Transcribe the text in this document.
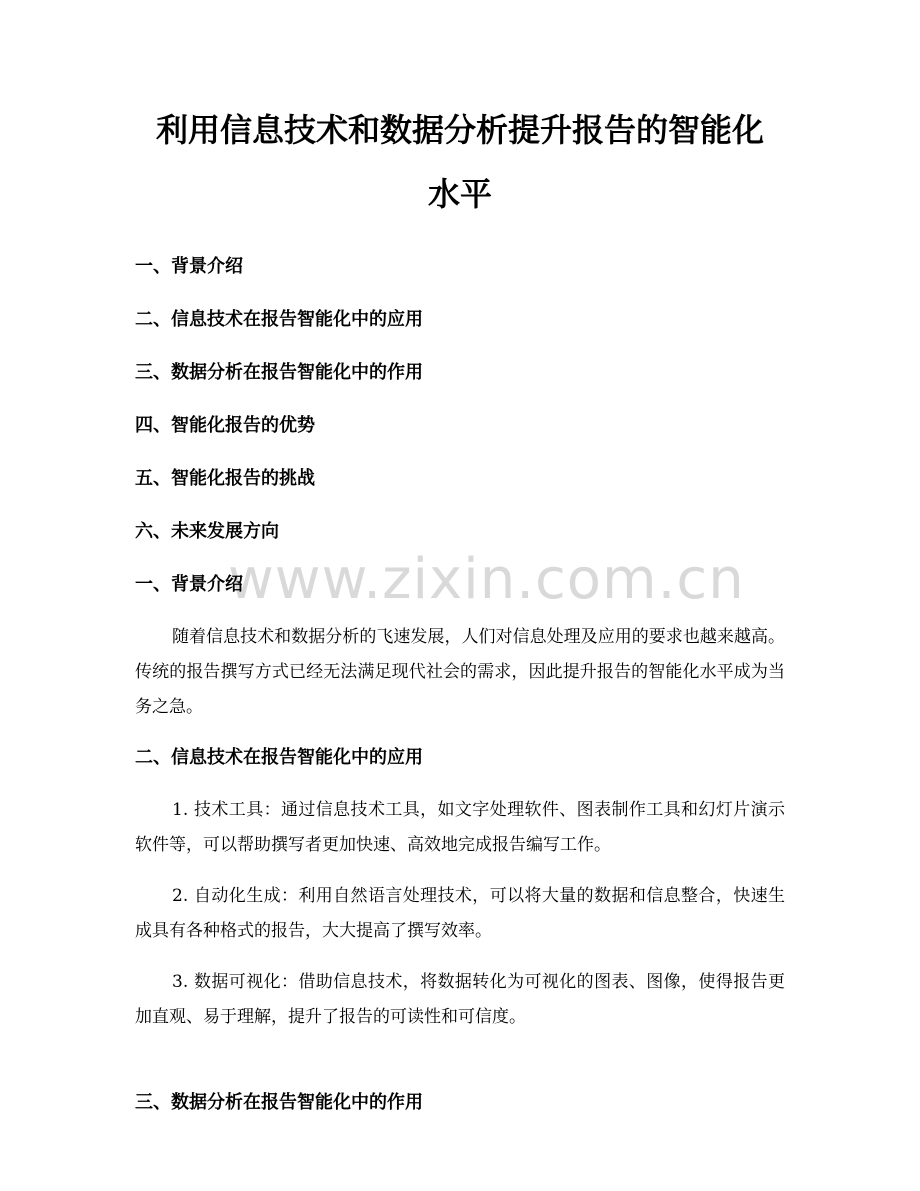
利用信息技术和数据分析提升报告的智能化
水平

一、背景介绍

二、信息技术在报告智能化中的应用

三、数据分析在报告智能化中的作用

四、智能化报告的优势

五、智能化报告的挑战

六、未来发展方向

www.zixin.com.cn

一、背景介绍

随着信息技术和数据分析的飞速发展，人们对信息处理及应用的要求也越来越高。传统的报告撰写方式已经无法满足现代社会的需求，因此提升报告的智能化水平成为当务之急。

二、信息技术在报告智能化中的应用

1. 技术工具：通过信息技术工具，如文字处理软件、图表制作工具和幻灯片演示软件等，可以帮助撰写者更加快速、高效地完成报告编写工作。

2. 自动化生成：利用自然语言处理技术，可以将大量的数据和信息整合，快速生成具有各种格式的报告，大大提高了撰写效率。

3. 数据可视化：借助信息技术，将数据转化为可视化的图表、图像，使得报告更加直观、易于理解，提升了报告的可读性和可信度。

三、数据分析在报告智能化中的作用
